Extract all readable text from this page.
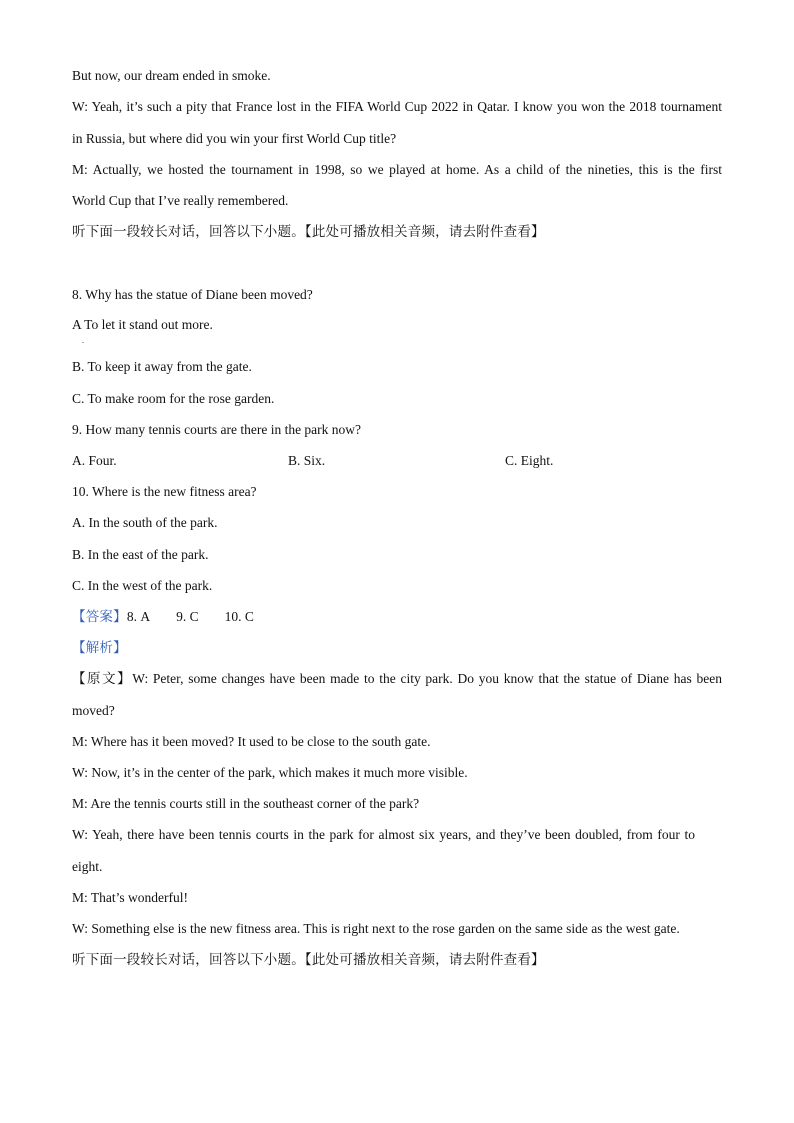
But now, our dream ended in smoke.
W: Yeah, it’s such a pity that France lost in the FIFA World Cup 2022 in Qatar. I know you won the 2018 tournament
in Russia, but where did you win your first World Cup title?
M: Actually, we hosted the tournament in 1998, so we played at home. As a child of the nineties, this is the first
World Cup that I’ve really remembered.
听下面一段较长对话，回答以下小题。【此处可播放相关音频，请去附件查看】
8. Why has the statue of Diane been moved?
A To let it stand out more.
.
B. To keep it away from the gate.
C. To make room for the rose garden.
9. How many tennis courts are there in the park now?
A. Four.	B. Six.	C. Eight.
10. Where is the new fitness area?
A. In the south of the park.
B. In the east of the park.
C. In the west of the park.
【答案】8. A 9. C 10. C
【解析】
【原文】W: Peter, some changes have been made to the city park. Do you know that the statue of Diane has been
moved?
M: Where has it been moved? It used to be close to the south gate.
W: Now, it’s in the center of the park, which makes it much more visible.
M: Are the tennis courts still in the southeast corner of the park?
W: Yeah, there have been tennis courts in the park for almost six years, and they’ve been doubled, from four to
eight.
M: That’s wonderful!
W: Something else is the new fitness area. This is right next to the rose garden on the same side as the west gate.
听下面一段较长对话，回答以下小题。【此处可播放相关音频，请去附件查看】
